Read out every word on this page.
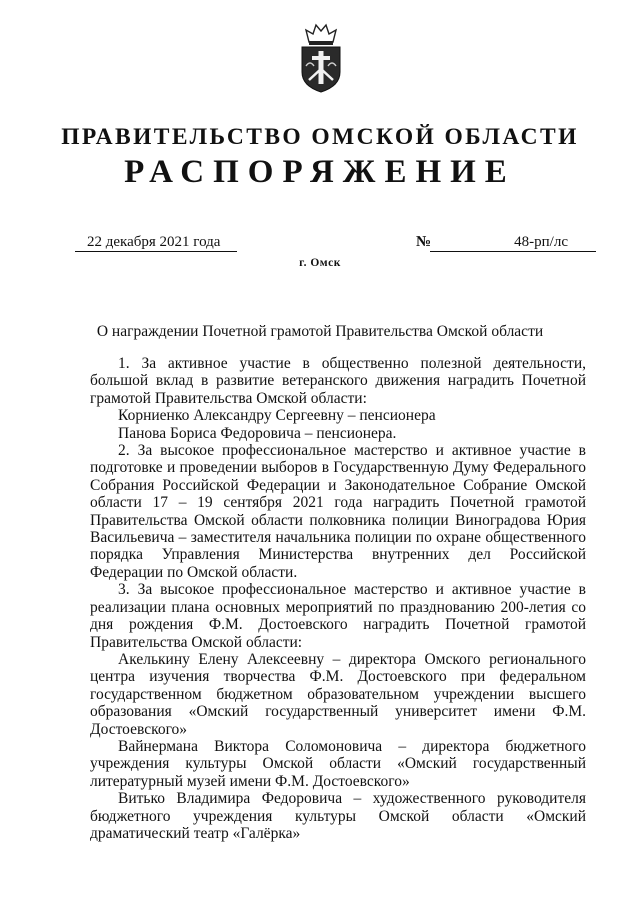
ПРАВИТЕЛЬСТВО ОМСКОЙ ОБЛАСТИ
РАСПОРЯЖЕНИЕ
22 декабря 2021 года	№	48-рп/лс
г. Омск
О награждении Почетной грамотой Правительства Омской области

1. За активное участие в общественно полезной деятельности, большой вклад в развитие ветеранского движения наградить Почетной грамотой Правительства Омской области:

Корниенко Александру Сергеевну – пенсионера

Панова Бориса Федоровича – пенсионера.

2. За высокое профессиональное мастерство и активное участие в подготовке и проведении выборов в Государственную Думу Федерального Собрания Российской Федерации и Законодательное Собрание Омской области 17 – 19 сентября 2021 года наградить Почетной грамотой Правительства Омской области полковника полиции Виноградова Юрия Васильевича – заместителя начальника полиции по охране общественного порядка Управления Министерства внутренних дел Российской Федерации по Омской области.

3. За высокое профессиональное мастерство и активное участие в реализации плана основных мероприятий по празднованию 200-летия со дня рождения Ф.М. Достоевского наградить Почетной грамотой Правительства Омской области:

Акелькину Елену Алексеевну – директора Омского регионального центра изучения творчества Ф.М. Достоевского при федеральном государственном бюджетном образовательном учреждении высшего образования «Омский государственный университет имени Ф.М. Достоевского»

Вайнермана Виктора Соломоновича – директора бюджетного учреждения культуры Омской области «Омский государственный литературный музей имени Ф.М. Достоевского»

Витько Владимира Федоровича – художественного руководителя бюджетного учреждения культуры Омской области «Омский драматический театр «Галёрка»
